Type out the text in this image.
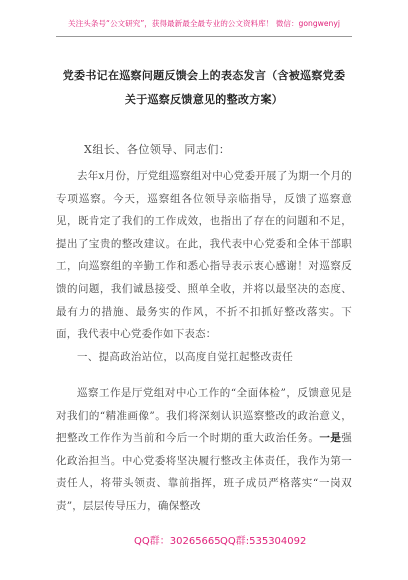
关注头条号“公文研究”，获得最新最全最专业的公文资料库！ 微信：gongwenyj
党委书记在巡察问题反馈会上的表态发言（含被巡察党委
关于巡察反馈意见的整改方案）
X组长、各位领导、同志们：
去年x月份，厅党组巡察组对中心党委开展了为期一个月的专项巡察。今天，巡察组各位领导亲临指导，反馈了巡察意见，既肯定了我们的工作成效，也指出了存在的问题和不足，提出了宝贵的整改建议。在此，我代表中心党委和全体干部职工，向巡察组的辛勤工作和悉心指导表示衷心感谢！对巡察反馈的问题，我们诚恳接受、照单全收，并将以最坚决的态度、最有力的措施、最务实的作风，不折不扣抓好整改落实。下面，我代表中心党委作如下表态：
一、提高政治站位，以高度自觉扛起整改责任
巡察工作是厅党组对中心工作的“全面体检”，反馈意见是对我们的“精准画像”。我们将深刻认识巡察整改的政治意义，把整改工作作为当前和今后一个时期的重大政治任务。一是强化政治担当。中心党委将坚决履行整改主体责任，我作为第一责任人，将带头领责、靠前指挥，班子成员严格落实“一岗双责”，层层传导压力，确保整改
QQ群：30265665 QQ群:535304092
